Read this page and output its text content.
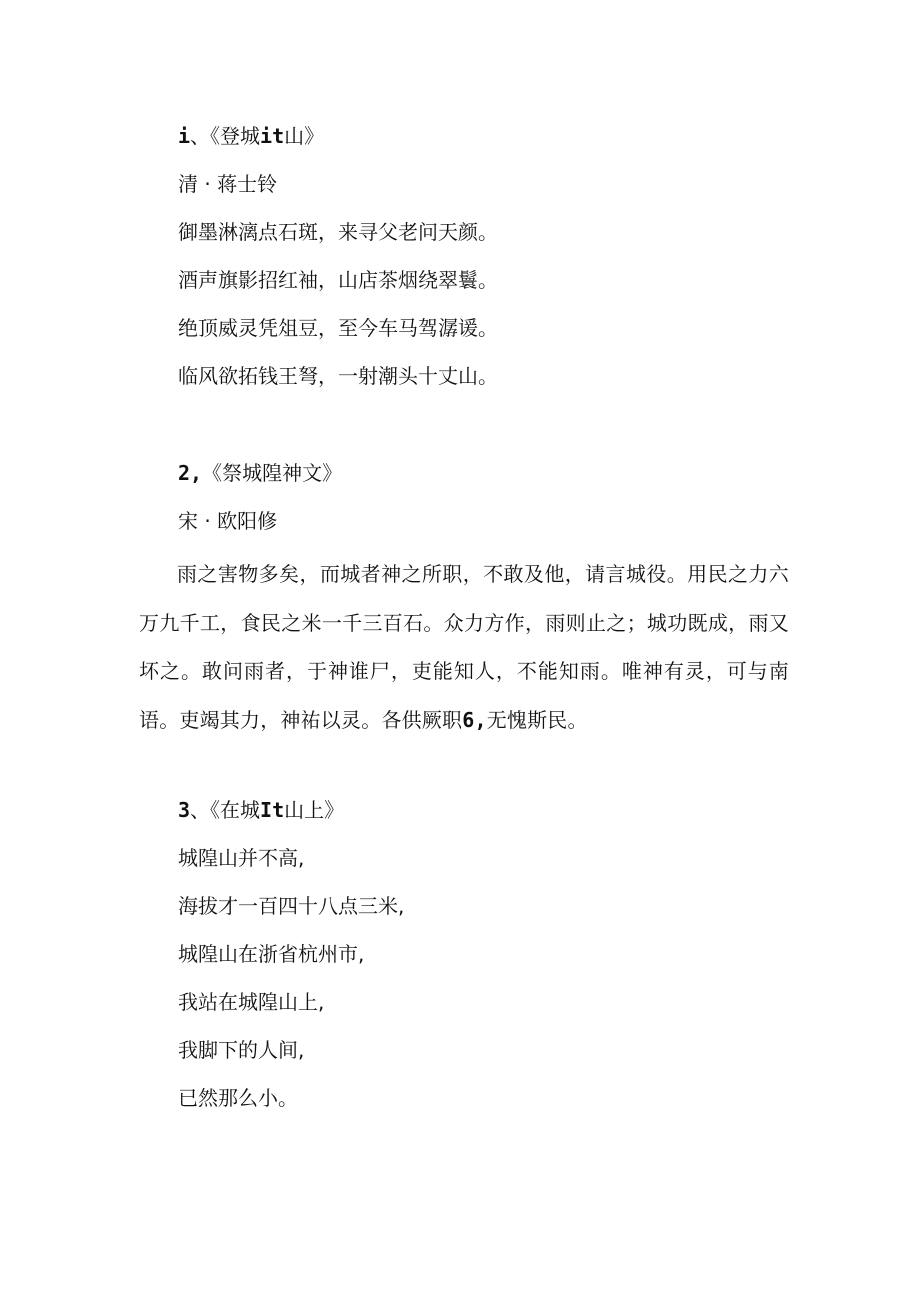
i、《登城it山》
清 · 蒋士铃
御墨淋漓点石斑，来寻父老问天颜。
酒声旗影招红袖，山店茶烟绕翠鬟。
绝顶威灵凭俎豆，至今车马驾潺谖。
临风欲拓钱王弩，一射潮头十丈山。
2,《祭城隍神文》
宋 · 欧阳修
雨之害物多矣，而城者神之所职，不敢及他，请言城役。用民之力六万九千工，食民之米一千三百石。众力方作，雨则止之；城功既成，雨又坏之。敢问雨者，于神谁尸，吏能知人，不能知雨。唯神有灵，可与南语。吏竭其力，神祐以灵。各供厥职6,无愧斯民。
3、《在城It山上》
城隍山并不高,
海拔才一百四十八点三米,
城隍山在浙省杭州市,
我站在城隍山上,
我脚下的人间,
已然那么小。
